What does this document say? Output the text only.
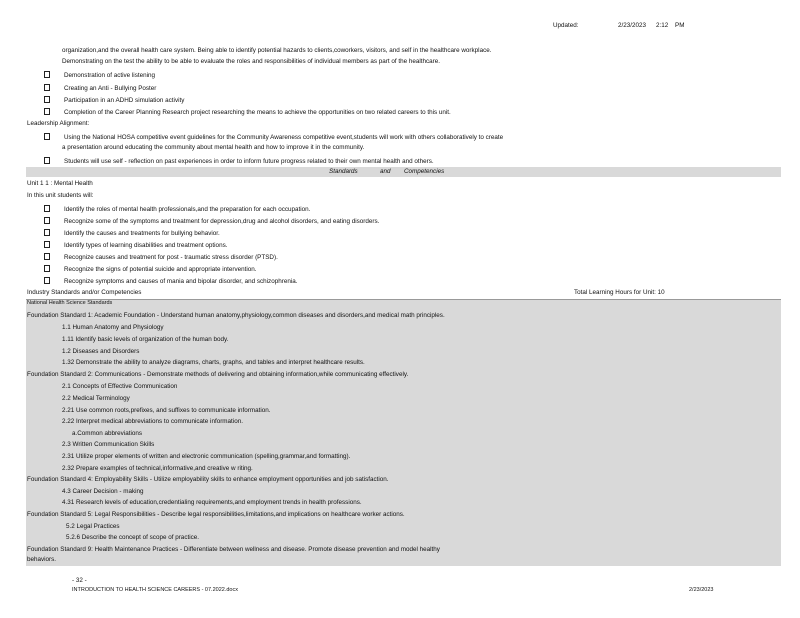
Updated:	2/23/2023 2:12 PM
organization,and the overall health care system. Being able to identify potential hazards to clients,coworkers, visitors, and self in the healthcare workplace.
Demonstrating on the test the ability to be able to evaluate the roles and responsibilities of individual members as part of the healthcare.
Demonstration of active listening
Creating an Anti - Bullying Poster
Participation in an ADHD simulation activity
Completion of the Career Planning Research project researching the means to achieve the opportunities on two related careers to this unit.
Leadership Alignment:
Using the National HOSA competitive event guidelines for the Community Awareness competitive event,students will work with others collaboratively to create
a presentation around educating the community about mental health and how to improve it in the community.
Students will use self - reflection on past experiences in order to inform future progress related to their own mental health and others.
Standards	and Competencies
Unit 1 1 : Mental Health
In this unit students will:
Identify the roles of mental health professionals,and the preparation for each occupation.
Recognize some of the symptoms and treatment for depression,drug and alcohol disorders, and eating disorders.
Identify the causes and treatments for bullying behavior.
Identify types of learning disabilities and treatment options.
Recognize causes and treatment for post - traumatic stress disorder (PTSD).
Recognize the signs of potential suicide and appropriate intervention.
Recognize symptoms and causes of mania and bipolar disorder, and schizophrenia.
Industry Standards and/or Competencies	Total Learning Hours for Unit: 10
National Health Science Standards
Foundation Standard 1: Academic Foundation - Understand human anatomy,physiology,common diseases and disorders,and medical math principles.
1.1 Human Anatomy and Physiology
1.11 Identify basic levels of organization of the human body.
1.2 Diseases and Disorders
1.32 Demonstrate the ability to analyze diagrams, charts, graphs, and tables and interpret healthcare results.
Foundation Standard 2: Communications - Demonstrate methods of delivering and obtaining information,while communicating effectively.
2.1 Concepts of Effective Communication
2.2 Medical Terminology
2.21 Use common roots,prefixes, and suffixes to communicate information.
2.22 Interpret medical abbreviations to communicate information.
a.Common abbreviations
2.3 Written Communication Skills
2.31 Utilize proper elements of written and electronic communication (spelling,grammar,and formatting).
2.32 Prepare examples of technical,informative,and creative w riting.
Foundation Standard 4: Employability Skills - Utilize employability skills to enhance employment opportunities and job satisfaction.
4.3 Career Decision - making
4.31 Research levels of education,credentialing requirements,and employment trends in health professions.
Foundation Standard 5: Legal Responsibilities - Describe legal responsibilities,limitations,and implications on healthcare worker actions.
5.2 Legal Practices
5.2.6 Describe the concept of scope of practice.
Foundation Standard 9: Health Maintenance Practices - Differentiate between wellness and disease. Promote disease prevention and model healthy
behaviors.
- 32 -
INTRODUCTION TO HEALTH SCIENCE CAREERS - 07.2022.docx	2/23/2023
